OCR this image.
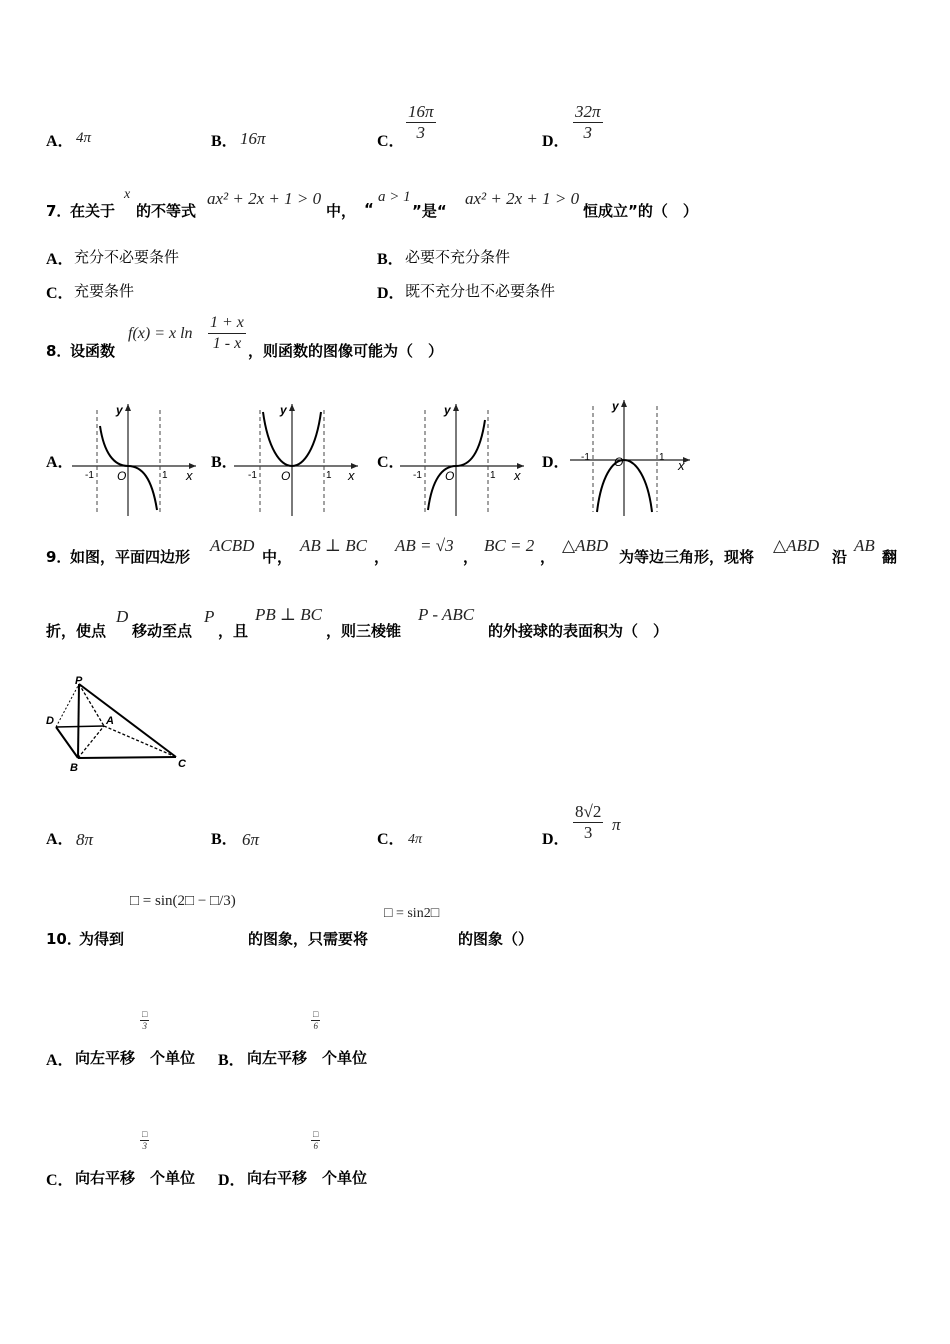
A． 4π	B． 16π	C． $\frac{16\pi}{3}$	D． $\frac{32\pi}{3}$
7．
在关于
x
的不等式
ax² + 2x + 1 > 0
中， “
a > 1
”是“
ax² + 2x + 1 > 0
恒成立”的（　）
A． 充分不必要条件	B． 必要不充分条件
C． 充要条件	D． 既不充分也不必要条件
8．
设函数
f(x) = x $\ln \frac{1 + x}{1 - x}$ ，则函数的图像可能为（　）
A．	B．	C．	D．
y
x
-1 O	1
y
x
-1 O	1
y
x
-1 O	1
y
x
-1 O	1
9．
如图，平面四边形
ACBD
中，
AB ⊥ BC
，
AB = √3
，
BC = 2
，
△ABD
为等边三角形，现将
△ABD
沿
AB
翻
折，使点
D
移动至点
P
，且
PB ⊥ BC
，则三棱锥
P - ABC
的外接球的表面积为（　）
P
D	A
B	C
A． 8π	B． 6π	C． 4π	D． $\frac{8√2}{3}$ π
□ = sin(2□ − □/3)
□ = sin2□
10．
为得到	的图象，只需要将	的图象（）
□
3
□
6
A． 向左平移 个单位 B． 向左平移 个单位
□
3
□
6
C． 向右平移 个单位 D． 向右平移 个单位
